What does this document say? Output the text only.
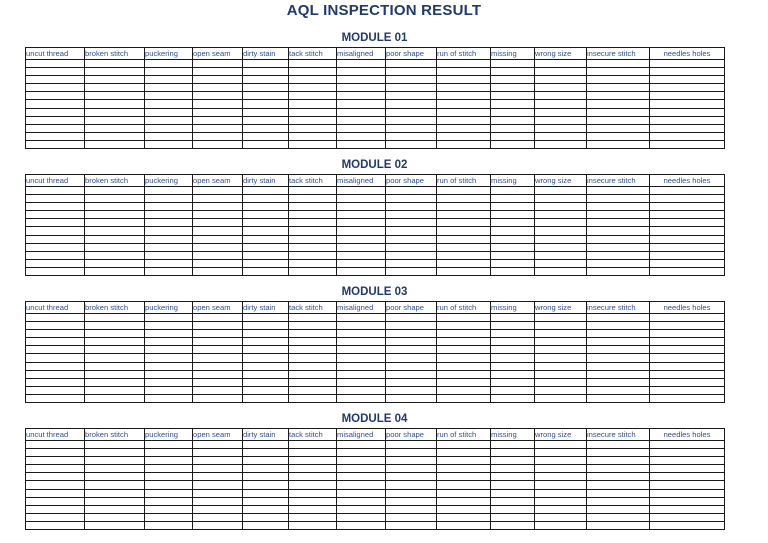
AQL INSPECTION RESULT
MODULE 01
uncut thread	broken stitch	puckering	open seam	dirty stain	tack stitch	misaligned	poor shape	run of stitch	missing	wrong size	insecure stitch	needles holes

MODULE 02
uncut thread	broken stitch	puckering	open seam	dirty stain	tack stitch	misaligned	poor shape	run of stitch	missing	wrong size	insecure stitch	needles holes

MODULE 03
uncut thread	broken stitch	puckering	open seam	dirty stain	tack stitch	misaligned	poor shape	run of stitch	missing	wrong size	insecure stitch	needles holes

MODULE 04
uncut thread	broken stitch	puckering	open seam	dirty stain	tack stitch	misaligned	poor shape	run of stitch	missing	wrong size	insecure stitch	needles holes
